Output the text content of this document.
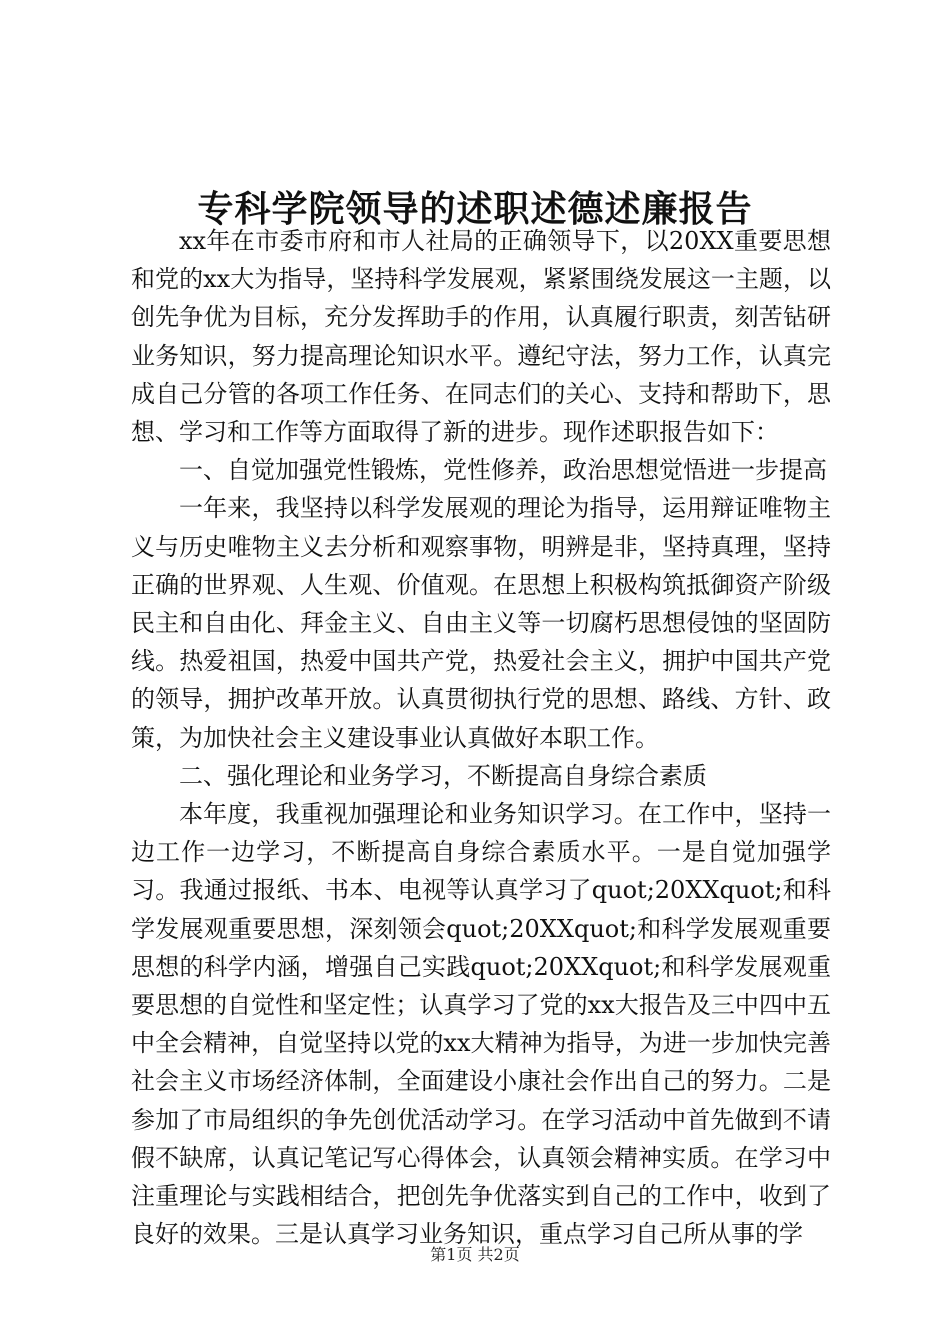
专科学院领导的述职述德述廉报告

xx年在市委市府和市人社局的正确领导下，以20XX重要思想和党的xx大为指导，坚持科学发展观，紧紧围绕发展这一主题，以创先争优为目标，充分发挥助手的作用，认真履行职责，刻苦钻研业务知识，努力提高理论知识水平。遵纪守法，努力工作，认真完成自己分管的各项工作任务、在同志们的关心、支持和帮助下，思想、学习和工作等方面取得了新的进步。现作述职报告如下：

一、自觉加强党性锻炼，党性修养，政治思想觉悟进一步提高

一年来，我坚持以科学发展观的理论为指导，运用辩证唯物主义与历史唯物主义去分析和观察事物，明辨是非，坚持真理，坚持正确的世界观、人生观、价值观。在思想上积极构筑抵御资产阶级民主和自由化、拜金主义、自由主义等一切腐朽思想侵蚀的坚固防线。热爱祖国，热爱中国共产党，热爱社会主义，拥护中国共产党的领导，拥护改革开放。认真贯彻执行党的思想、路线、方针、政策，为加快社会主义建设事业认真做好本职工作。

二、强化理论和业务学习，不断提高自身综合素质

本年度，我重视加强理论和业务知识学习。在工作中，坚持一边工作一边学习，不断提高自身综合素质水平。一是自觉加强学习。我通过报纸、书本、电视等认真学习了quot;20XXquot;和科学发展观重要思想，深刻领会quot;20XXquot;和科学发展观重要思想的科学内涵，增强自己实践quot;20XXquot;和科学发展观重要思想的自觉性和坚定性；认真学习了党的xx大报告及三中四中五中全会精神，自觉坚持以党的xx大精神为指导，为进一步加快完善社会主义市场经济体制，全面建设小康社会作出自己的努力。二是参加了市局组织的争先创优活动学习。在学习活动中首先做到不请假不缺席，认真记笔记写心得体会，认真领会精神实质。在学习中注重理论与实践相结合，把创先争优落实到自己的工作中，收到了良好的效果。三是认真学习业务知识，重点学习自己所从事的学

第1页 共2页
